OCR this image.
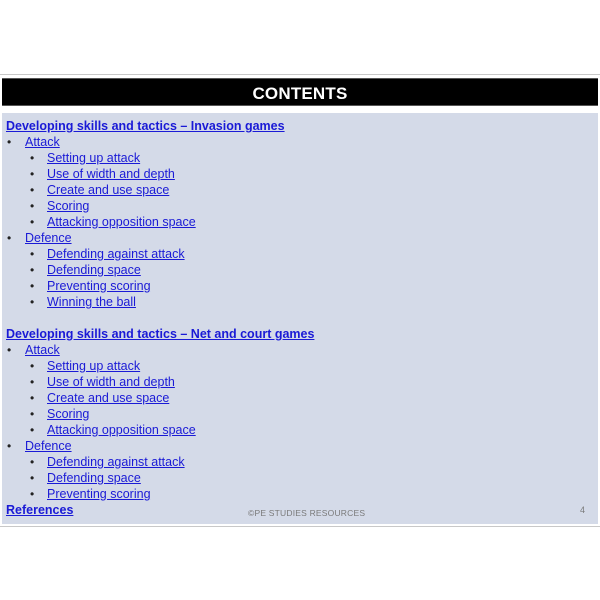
CONTENTS
Developing skills and tactics – Invasion games
• Attack
• Setting up attack
• Use of width and depth
• Create and use space
• Scoring
• Attacking opposition space
• Defence
• Defending against attack
• Defending space
• Preventing scoring
• Winning the ball
Developing skills and tactics – Net and court games
• Attack
• Setting up attack
• Use of width and depth
• Create and use space
• Scoring
• Attacking opposition space
• Defence
• Defending against attack
• Defending space
• Preventing scoring
References	©PE STUDIES RESOURCES	4
